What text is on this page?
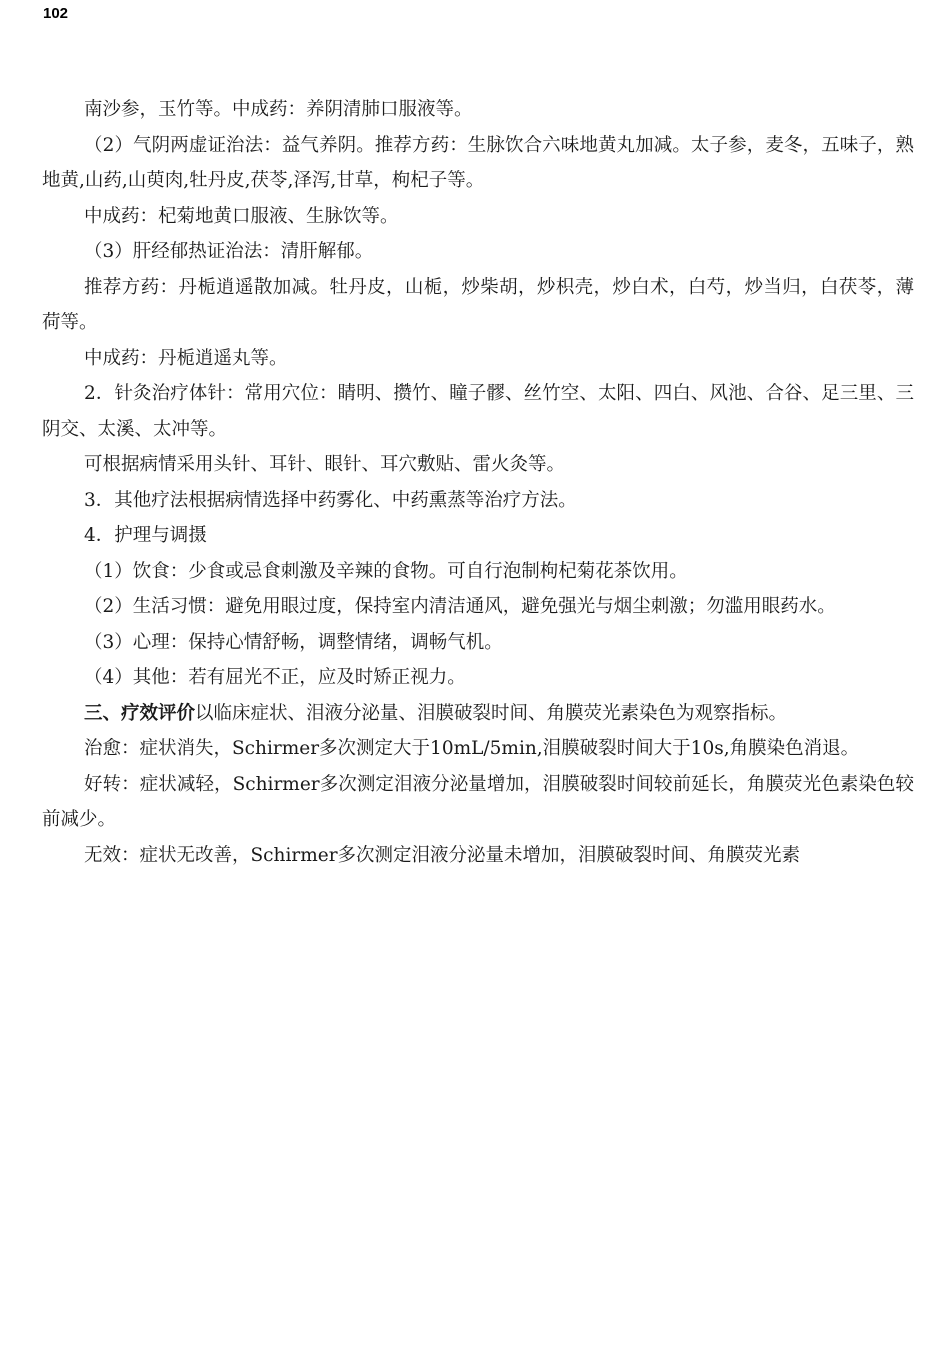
102

南沙参，玉竹等。中成药：养阴清肺口服液等。

（2）气阴两虚证治法：益气养阴。推荐方药：生脉饮合六味地黄丸加减。太子参，麦冬，五味子，熟地黄,山药,山萸肉,牡丹皮,茯苓,泽泻,甘草，枸杞子等。

中成药：杞菊地黄口服液、生脉饮等。

（3）肝经郁热证治法：清肝解郁。

推荐方药：丹栀逍遥散加减。牡丹皮，山栀，炒柴胡，炒枳壳，炒白术，白芍，炒当归，白茯苓，薄荷等。

中成药：丹栀逍遥丸等。

2．针灸治疗体针：常用穴位：睛明、攒竹、瞳子髎、丝竹空、太阳、四白、风池、合谷、足三里、三阴交、太溪、太冲等。

可根据病情采用头针、耳针、眼针、耳穴敷贴、雷火灸等。

3．其他疗法根据病情选择中药雾化、中药熏蒸等治疗方法。

4．护理与调摄

（1）饮食：少食或忌食刺激及辛辣的食物。可自行泡制枸杞菊花茶饮用。

（2）生活习惯：避免用眼过度，保持室内清洁通风，避免强光与烟尘刺激；勿滥用眼药水。

（3）心理：保持心情舒畅，调整情绪，调畅气机。

（4）其他：若有屈光不正，应及时矫正视力。

三、疗效评价以临床症状、泪液分泌量、泪膜破裂时间、角膜荧光素染色为观察指标。

治愈：症状消失，Schirmer多次测定大于10mL/5min,泪膜破裂时间大于10s,角膜染色消退。

好转：症状减轻，Schirmer多次测定泪液分泌量增加，泪膜破裂时间较前延长，角膜荧光色素染色较前减少。

无效：症状无改善，Schirmer多次测定泪液分泌量未增加，泪膜破裂时间、角膜荧光素
